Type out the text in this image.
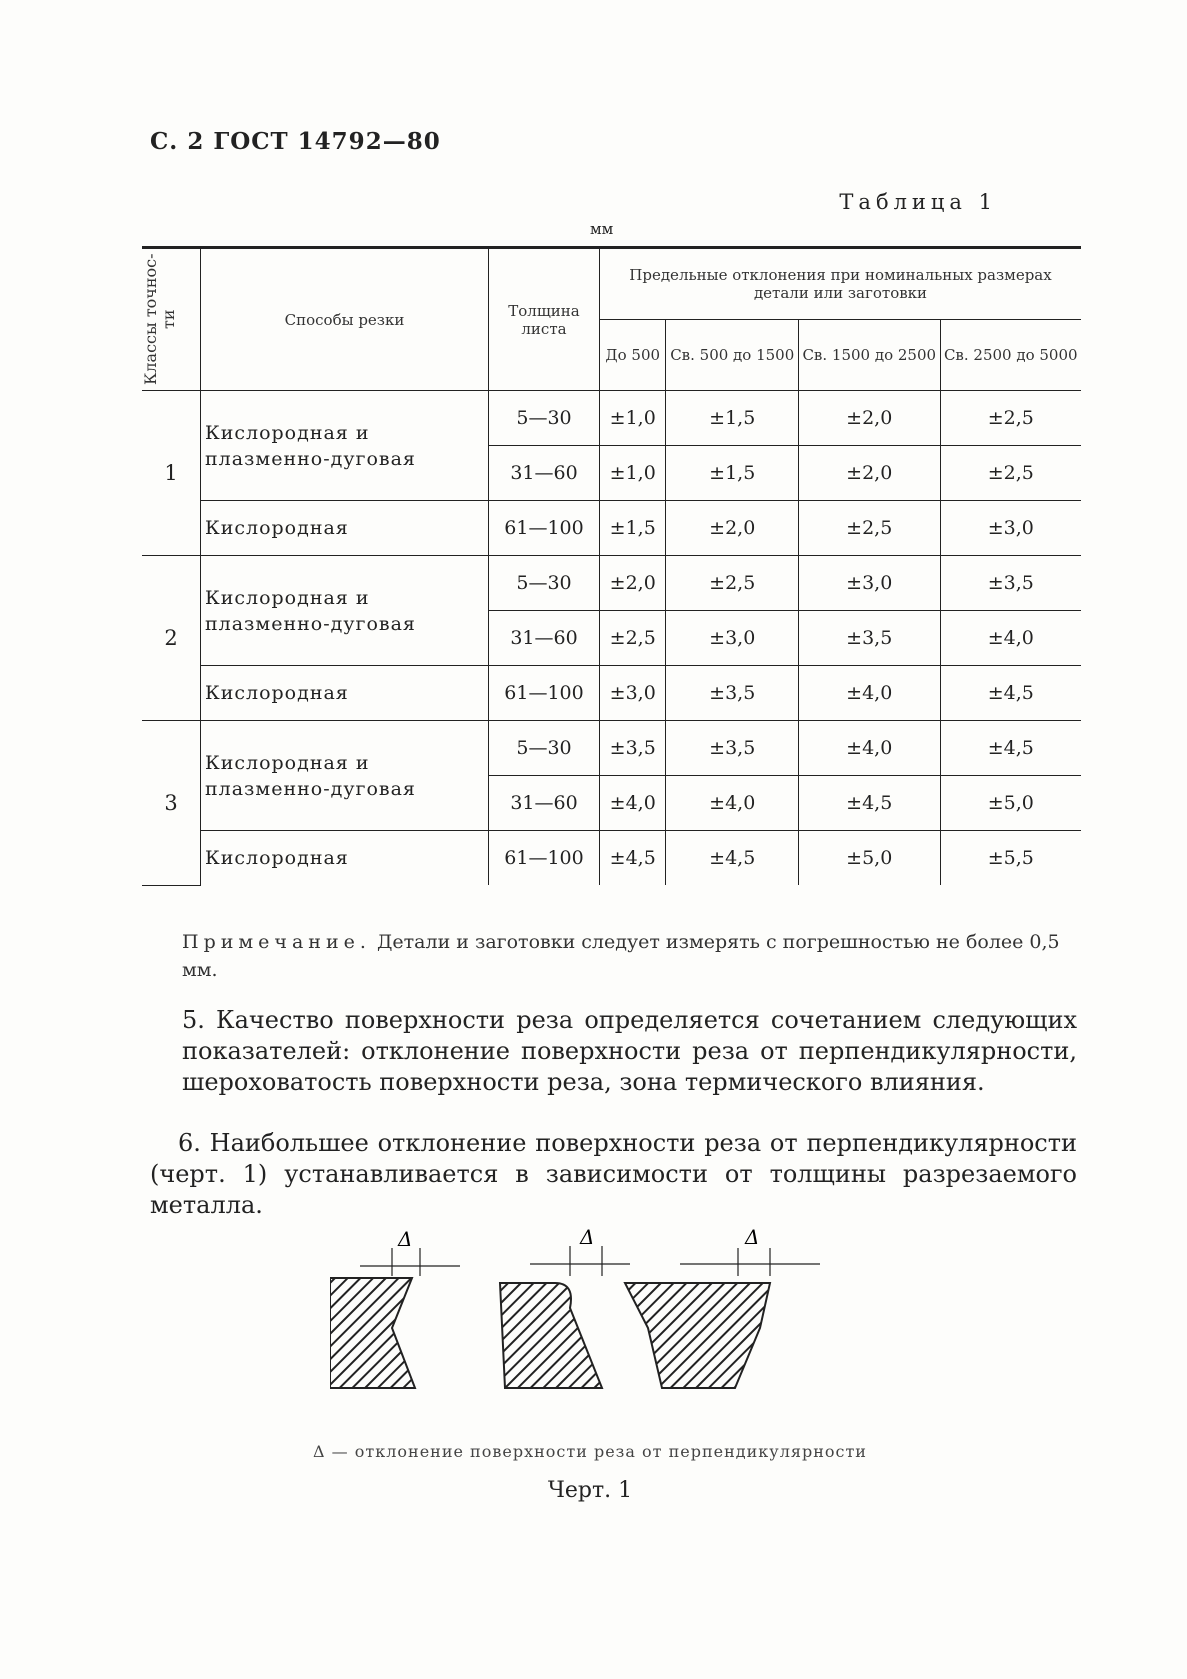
С. 2 ГОСТ 14792—80
Таблица 1
мм
Классы точнос-ти	Способы резки	Толщина листа	Предельные отклонения при номинальных размерах детали или заготовки			
			До 500	Св. 500 до 1500	Св. 1500 до 2500	Св. 2500 до 5000
1	Кислородная и плазменно-дуговая	5—30	±1,0	±1,5	±2,0	±2,5
		31—60	±1,0	±1,5	±2,0	±2,5
	Кислородная	61—100	±1,5	±2,0	±2,5	±3,0
2	Кислородная и плазменно-дуговая	5—30	±2,0	±2,5	±3,0	±3,5
		31—60	±2,5	±3,0	±3,5	±4,0
	Кислородная	61—100	±3,0	±3,5	±4,0	±4,5
3	Кислородная и плазменно-дуговая	5—30	±3,5	±3,5	±4,0	±4,5
		31—60	±4,0	±4,0	±4,5	±5,0
	Кислородная	61—100	±4,5	±4,5	±5,0	±5,5
Примечание. Детали и заготовки следует измерять с погрешностью не более 0,5 мм.
5. Качество поверхности реза определяется сочетанием следующих показателей: отклонение поверхности реза от перпендикулярности, шероховатость поверхности реза, зона термического влияния.
6. Наибольшее отклонение поверхности реза от перпендикулярности (черт. 1) устанавливается в зависимости от толщины разрезаемого металла.
Δ	Δ	Δ
Δ — отклонение поверхности реза от перпендикулярности
Черт. 1
